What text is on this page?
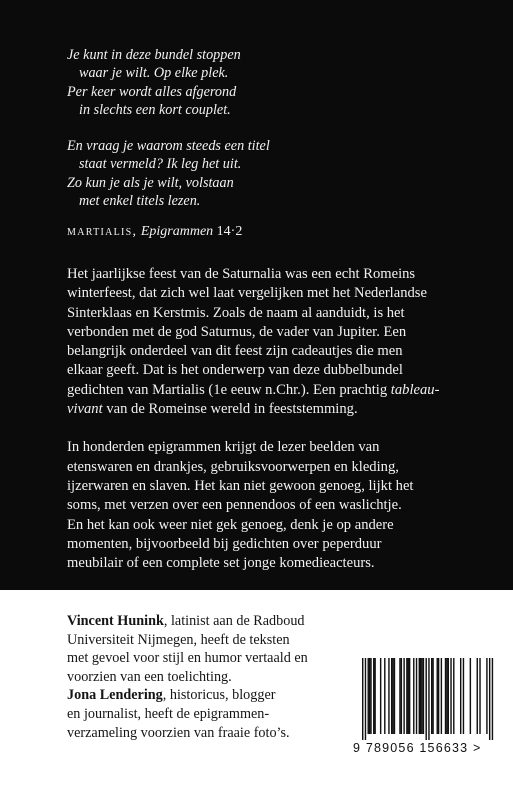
Je kunt in deze bundel stoppen
waar je wilt. Op elke plek.
Per keer wordt alles afgerond
in slechts een kort couplet.
En vraag je waarom steeds een titel
staat vermeld? Ik leg het uit.
Zo kun je als je wilt, volstaan
met enkel titels lezen.
martialis, Epigrammen 14·2
Het jaarlijkse feest van de Saturnalia was een echt Romeins
winterfeest, dat zich wel laat vergelijken met het Nederlandse
Sinterklaas en Kerstmis. Zoals de naam al aanduidt, is het
verbonden met de god Saturnus, de vader van Jupiter. Een
belangrijk onderdeel van dit feest zijn cadeautjes die men
elkaar geeft. Dat is het onderwerp van deze dubbelbundel
gedichten van Martialis (1e eeuw n.Chr.). Een prachtig tableau-
vivant van de Romeinse wereld in feeststemming.
In honderden epigrammen krijgt de lezer beelden van
etenswaren en drankjes, gebruiksvoorwerpen en kleding,
ijzerwaren en slaven. Het kan niet gewoon genoeg, lijkt het
soms, met verzen over een pennendoos of een waslichtje.
En het kan ook weer niet gek genoeg, denk je op andere
momenten, bijvoorbeeld bij gedichten over peperduur
meubilair of een complete set jonge komedieacteurs.
Vincent Hunink, latinist aan de Radboud
Universiteit Nijmegen, heeft de teksten
met gevoel voor stijl en humor vertaald en
voorzien van een toelichting.
Jona Lendering, historicus, blogger
en journalist, heeft de epigrammen-
verzameling voorzien van fraaie foto’s.
9 789056 156633 >
